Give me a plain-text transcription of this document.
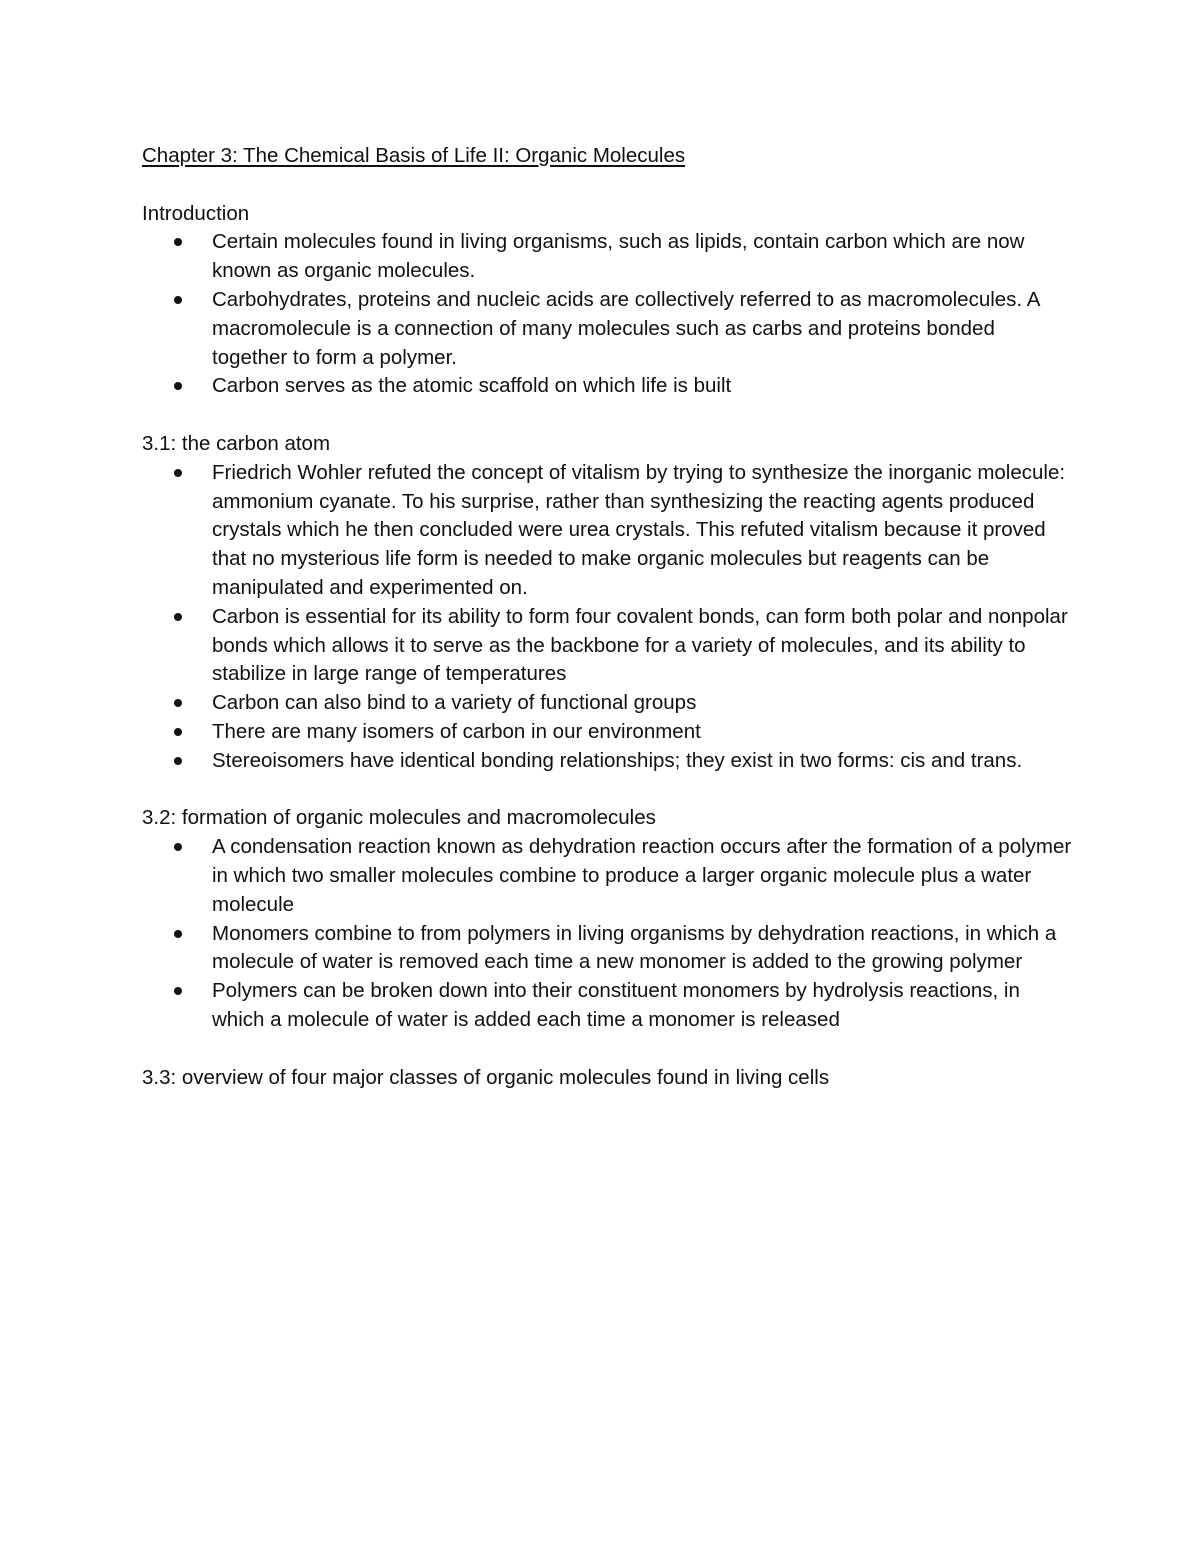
Chapter 3: The Chemical Basis of Life II: Organic Molecules
Introduction
Certain molecules found in living organisms, such as lipids, contain carbon which are now known as organic molecules.
Carbohydrates, proteins and nucleic acids are collectively referred to as macromolecules. A macromolecule is a connection of many molecules such as carbs and proteins bonded together to form a polymer.
Carbon serves as the atomic scaffold on which life is built
3.1: the carbon atom
Friedrich Wohler refuted the concept of vitalism by trying to synthesize the inorganic molecule: ammonium cyanate. To his surprise, rather than synthesizing the reacting agents produced crystals which he then concluded were urea crystals. This refuted vitalism because it proved that no mysterious life form is needed to make organic molecules but reagents can be manipulated and experimented on.
Carbon is essential for its ability to form four covalent bonds, can form both polar and nonpolar bonds which allows it to serve as the backbone for a variety of molecules, and its ability to stabilize in large range of temperatures
Carbon can also bind to a variety of functional groups
There are many isomers of carbon in our environment
Stereoisomers have identical bonding relationships; they exist in two forms: cis and trans.
3.2: formation of organic molecules and macromolecules
A condensation reaction known as dehydration reaction occurs after the formation of a polymer in which two smaller molecules combine to produce a larger organic molecule plus a water molecule
Monomers combine to from polymers in living organisms by dehydration reactions, in which a molecule of water is removed each time a new monomer is added to the growing polymer
Polymers can be broken down into their constituent monomers by hydrolysis reactions, in which a molecule of water is added each time a monomer is released
3.3: overview of four major classes of organic molecules found in living cells
